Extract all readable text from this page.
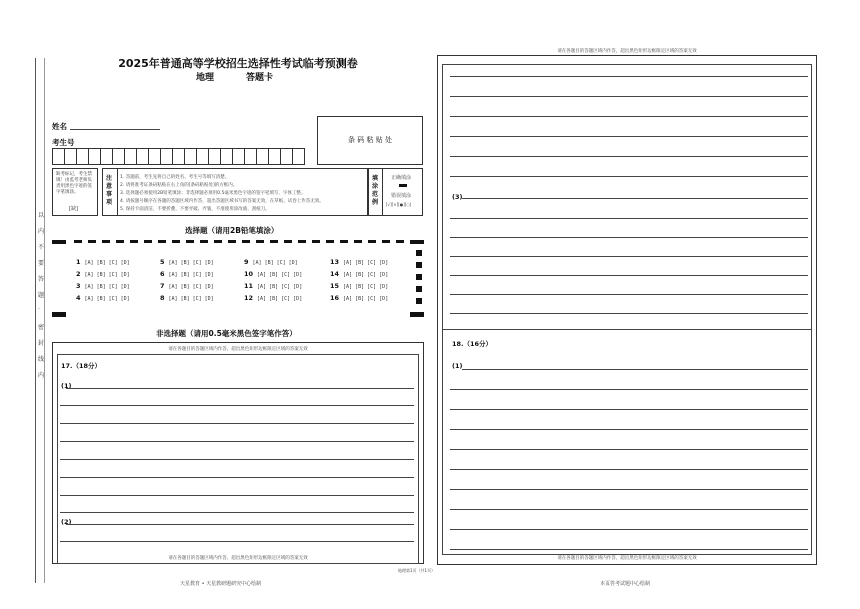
以
内
不
要
答
题
·
密
封
线
内
2025年普通高等学校招生选择性考试临考预测卷
地理	答题卡
姓名
考生号	条 码 粘 贴 处
缺考标记，考生禁填！由监考老师负责用黑色字迹的签字笔填涂。
[缺]
注意事项
1. 答题前，考生先将自己的姓名、考生号等填写清楚。
2. 请将准考证条码粘贴在右上角的[条码粘贴处]的方框内。
3. 选择题必须使用2B铅笔填涂；非选择题必须用0.5毫米黑色字迹的签字笔填写，字体工整。
4. 请按题号顺序在各题的答题区域内作答，超出答题区域书写的答案无效，在草纸、试卷上作答无效。
5. 保持卡面清洁，不要折叠、不要弄破、弄皱，不准使用涂改液、刮纸刀。
填涂范例
正确填涂
错误填涂
[√][×][●][○]
选择题（请用2B铅笔填涂）
1 [A] [B] [C] [D]
2 [A] [B] [C] [D]
3 [A] [B] [C] [D]
4 [A] [B] [C] [D]
5 [A] [B] [C] [D]
6 [A] [B] [C] [D]
7 [A] [B] [C] [D]
8 [A] [B] [C] [D]
9 [A] [B] [C] [D]
10 [A] [B] [C] [D]
11 [A] [B] [C] [D]
12 [A] [B] [C] [D]
13 [A] [B] [C] [D]
14 [A] [B] [C] [D]
15 [A] [B] [C] [D]
16 [A] [B] [C] [D]
非选择题（请用0.5毫米黑色签字笔作答）
请在各题目的答题区域内作答，超出黑色矩形边框限定区域的答案无效
17.（18分）
(1)
(2)
请在各题目的答题区域内作答，超出黑色矩形边框限定区域的答案无效
请在各题目的答题区域内作答，超出黑色矩形边框限定区域的答案无效
(3)
18.（16分）
(1)
请在各题目的答题区域内作答，超出黑色矩形边框限定区域的答案无效
天星教育 • 天星教研题研究中心绘制
地理第1页（共1页）
本页答考试题中心绘制
